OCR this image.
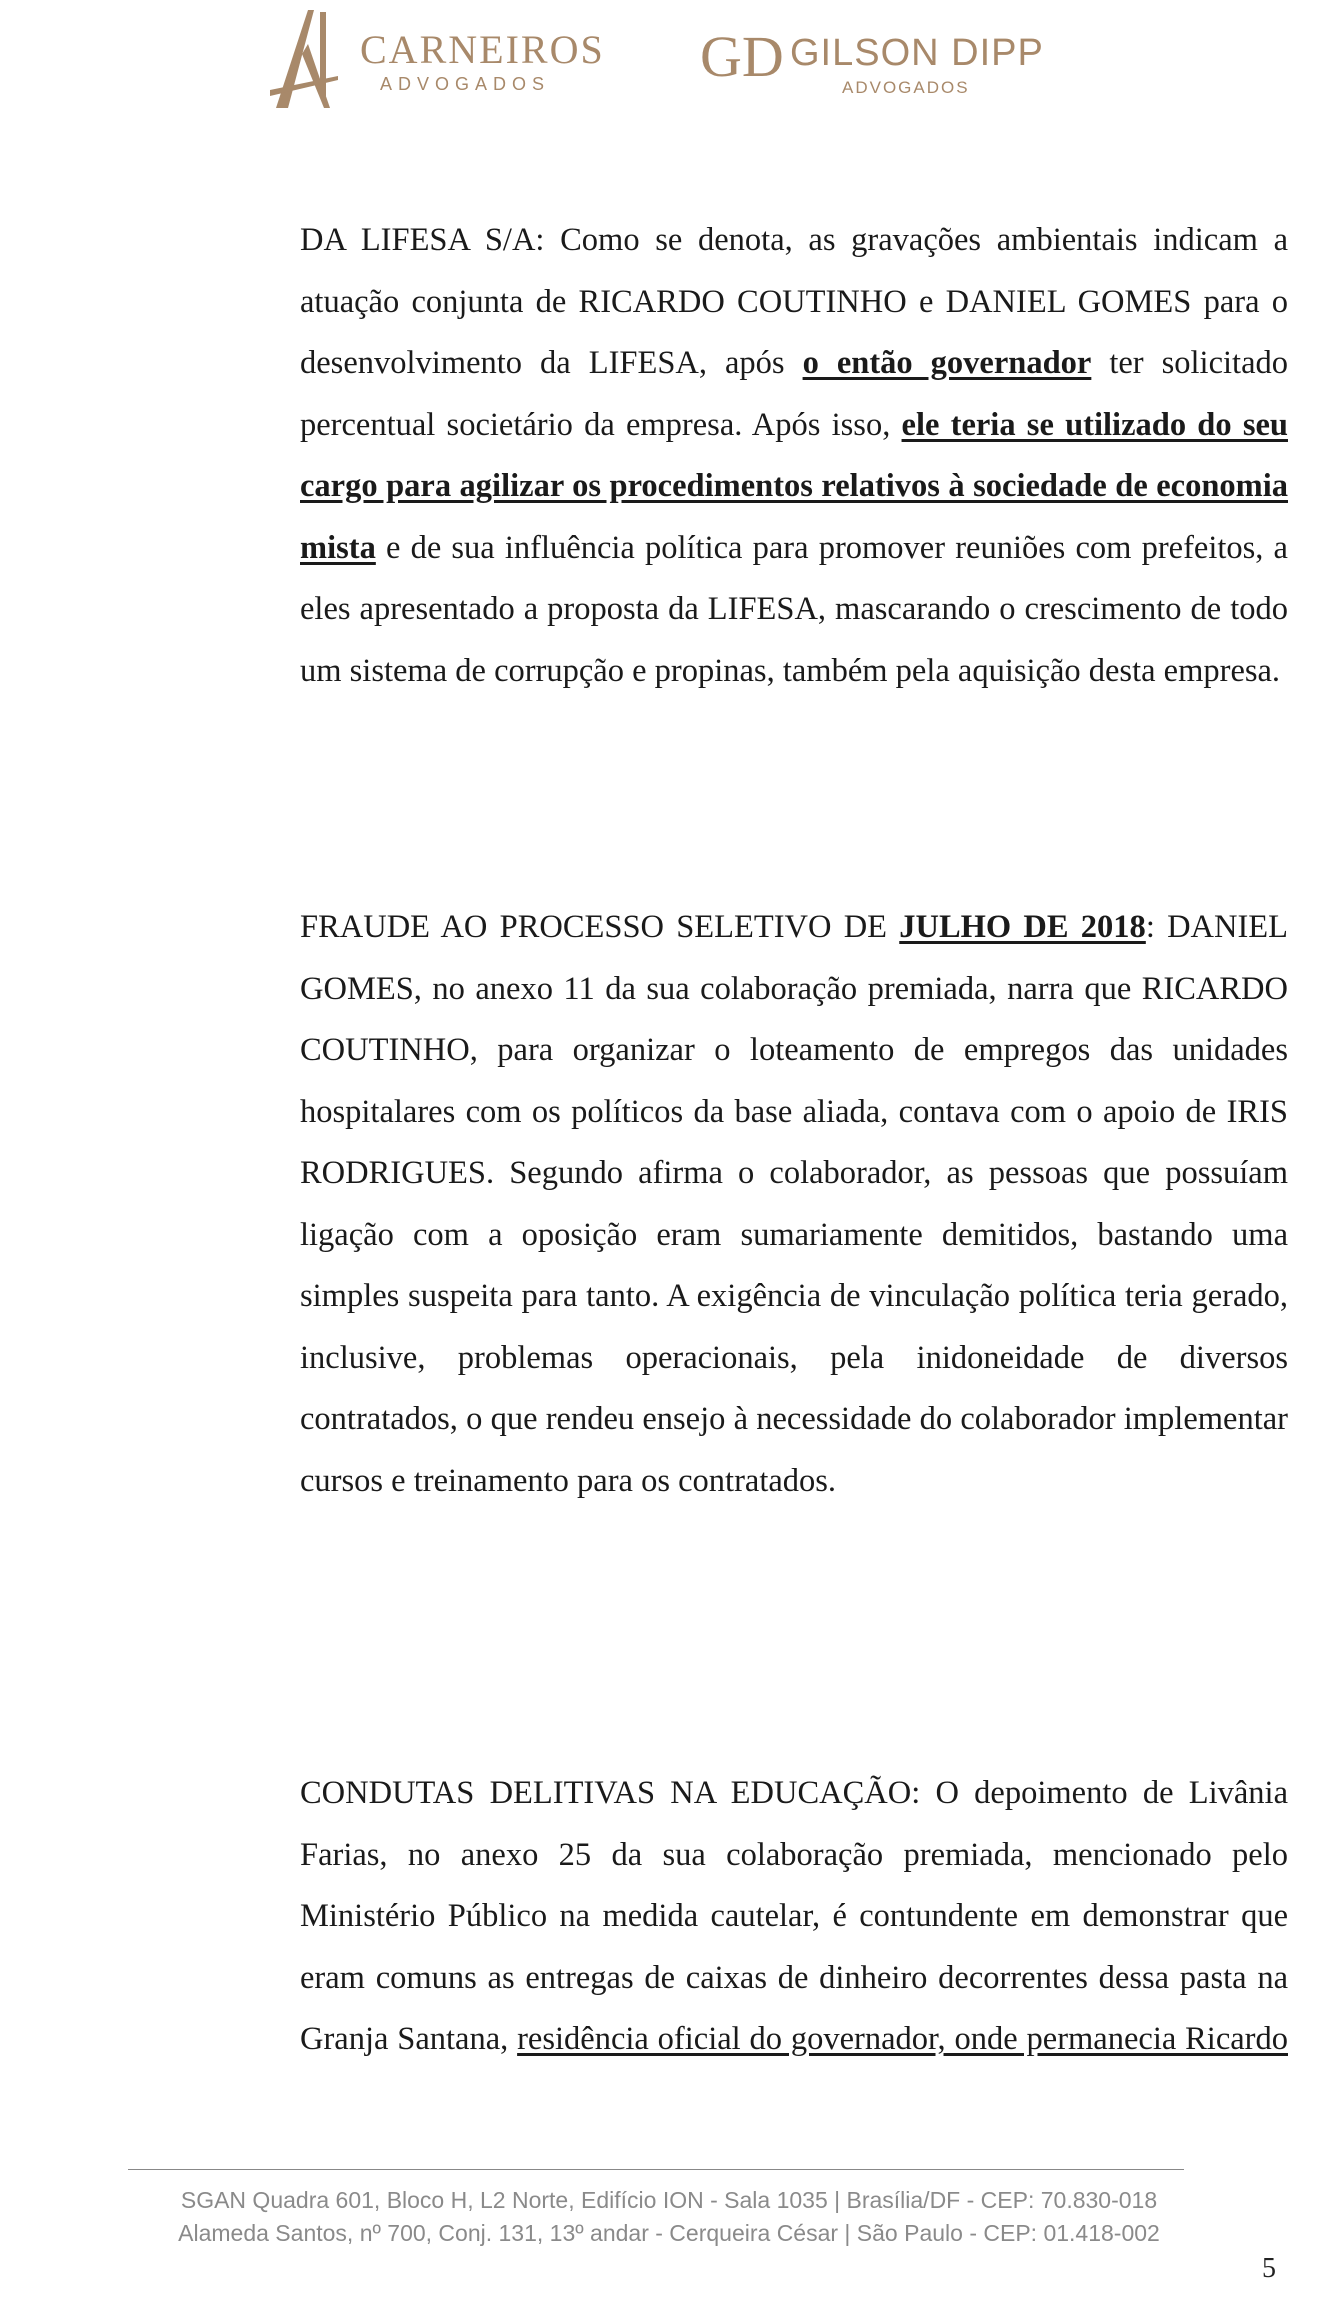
CARNEIROS
ADVOGADOS	GD GILSON DIPP
ADVOGADOS

DA LIFESA S/A: Como se denota, as gravações ambientais indicam a atuação conjunta de RICARDO COUTINHO e DANIEL GOMES para o desenvolvimento da LIFESA, após o então governador ter solicitado percentual societário da empresa. Após isso, ele teria se utilizado do seu cargo para agilizar os procedimentos relativos à sociedade de economia mista e de sua influência política para promover reuniões com prefeitos, a eles apresentado a proposta da LIFESA, mascarando o crescimento de todo um sistema de corrupção e propinas, também pela aquisição desta empresa.

FRAUDE AO PROCESSO SELETIVO DE JULHO DE 2018: DANIEL GOMES, no anexo 11 da sua colaboração premiada, narra que RICARDO COUTINHO, para organizar o loteamento de empregos das unidades hospitalares com os políticos da base aliada, contava com o apoio de IRIS RODRIGUES. Segundo afirma o colaborador, as pessoas que possuíam ligação com a oposição eram sumariamente demitidos, bastando uma simples suspeita para tanto. A exigência de vinculação política teria gerado, inclusive, problemas operacionais, pela inidoneidade de diversos contratados, o que rendeu ensejo à necessidade do colaborador implementar cursos e treinamento para os contratados.

CONDUTAS DELITIVAS NA EDUCAÇÃO: O depoimento de Livânia Farias, no anexo 25 da sua colaboração premiada, mencionado pelo Ministério Público na medida cautelar, é contundente em demonstrar que eram comuns as entregas de caixas de dinheiro decorrentes dessa pasta na Granja Santana, residência oficial do governador, onde permanecia Ricardo

SGAN Quadra 601, Bloco H, L2 Norte, Edifício ION - Sala 1035 | Brasília/DF - CEP: 70.830-018
Alameda Santos, nº 700, Conj. 131, 13º andar - Cerqueira César | São Paulo - CEP: 01.418-002
5
